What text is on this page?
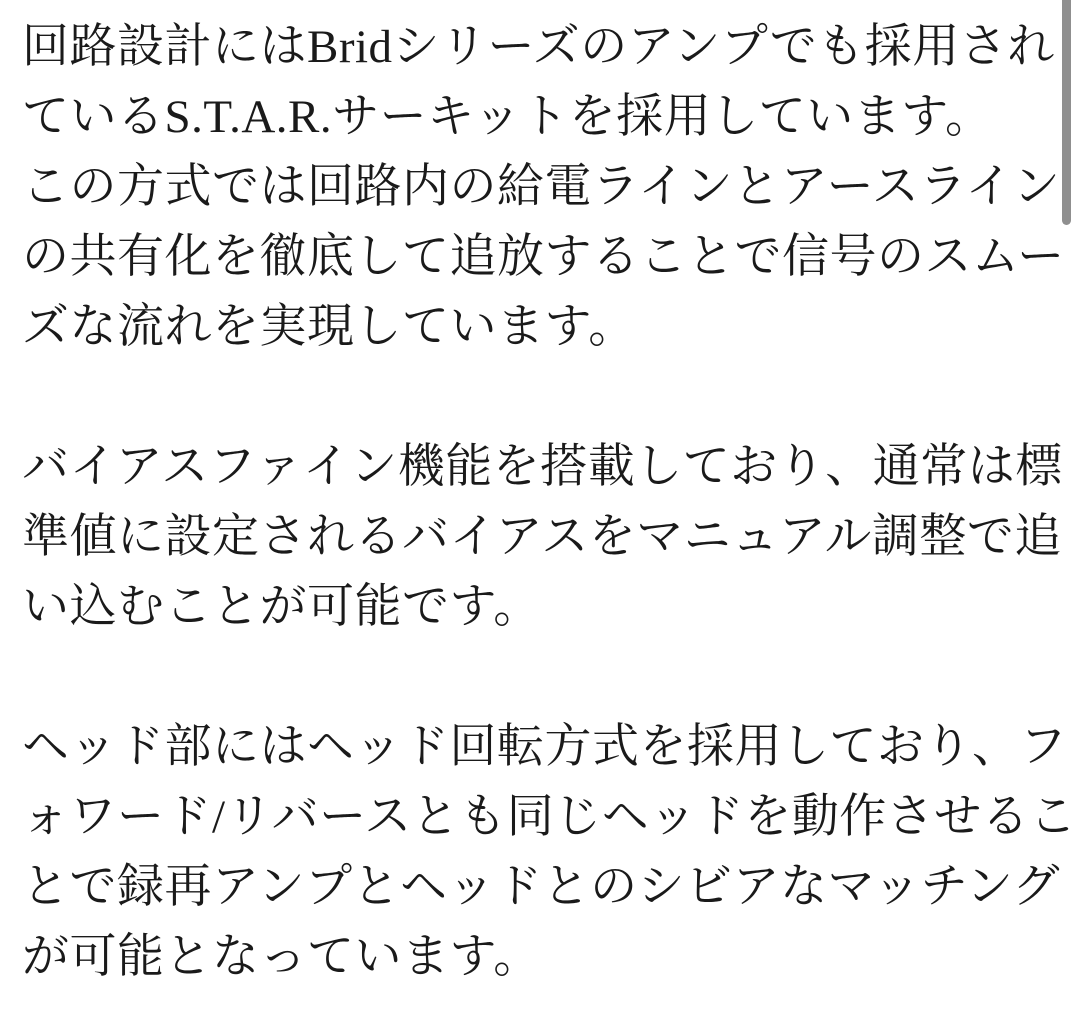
回路設計にはBridシリーズのアンプでも採用され
ているS.T.A.R.サーキットを採用しています。
この方式では回路内の給電ラインとアースライン
の共有化を徹底して追放することで信号のスムー
ズな流れを実現しています。
バイアスファイン機能を搭載しており、通常は標
準値に設定されるバイアスをマニュアル調整で追
い込むことが可能です。
ヘッド部にはヘッド回転方式を採用しており、フ
ォワード/リバースとも同じヘッドを動作させるこ
とで録再アンプとヘッドとのシビアなマッチング
が可能となっています。
